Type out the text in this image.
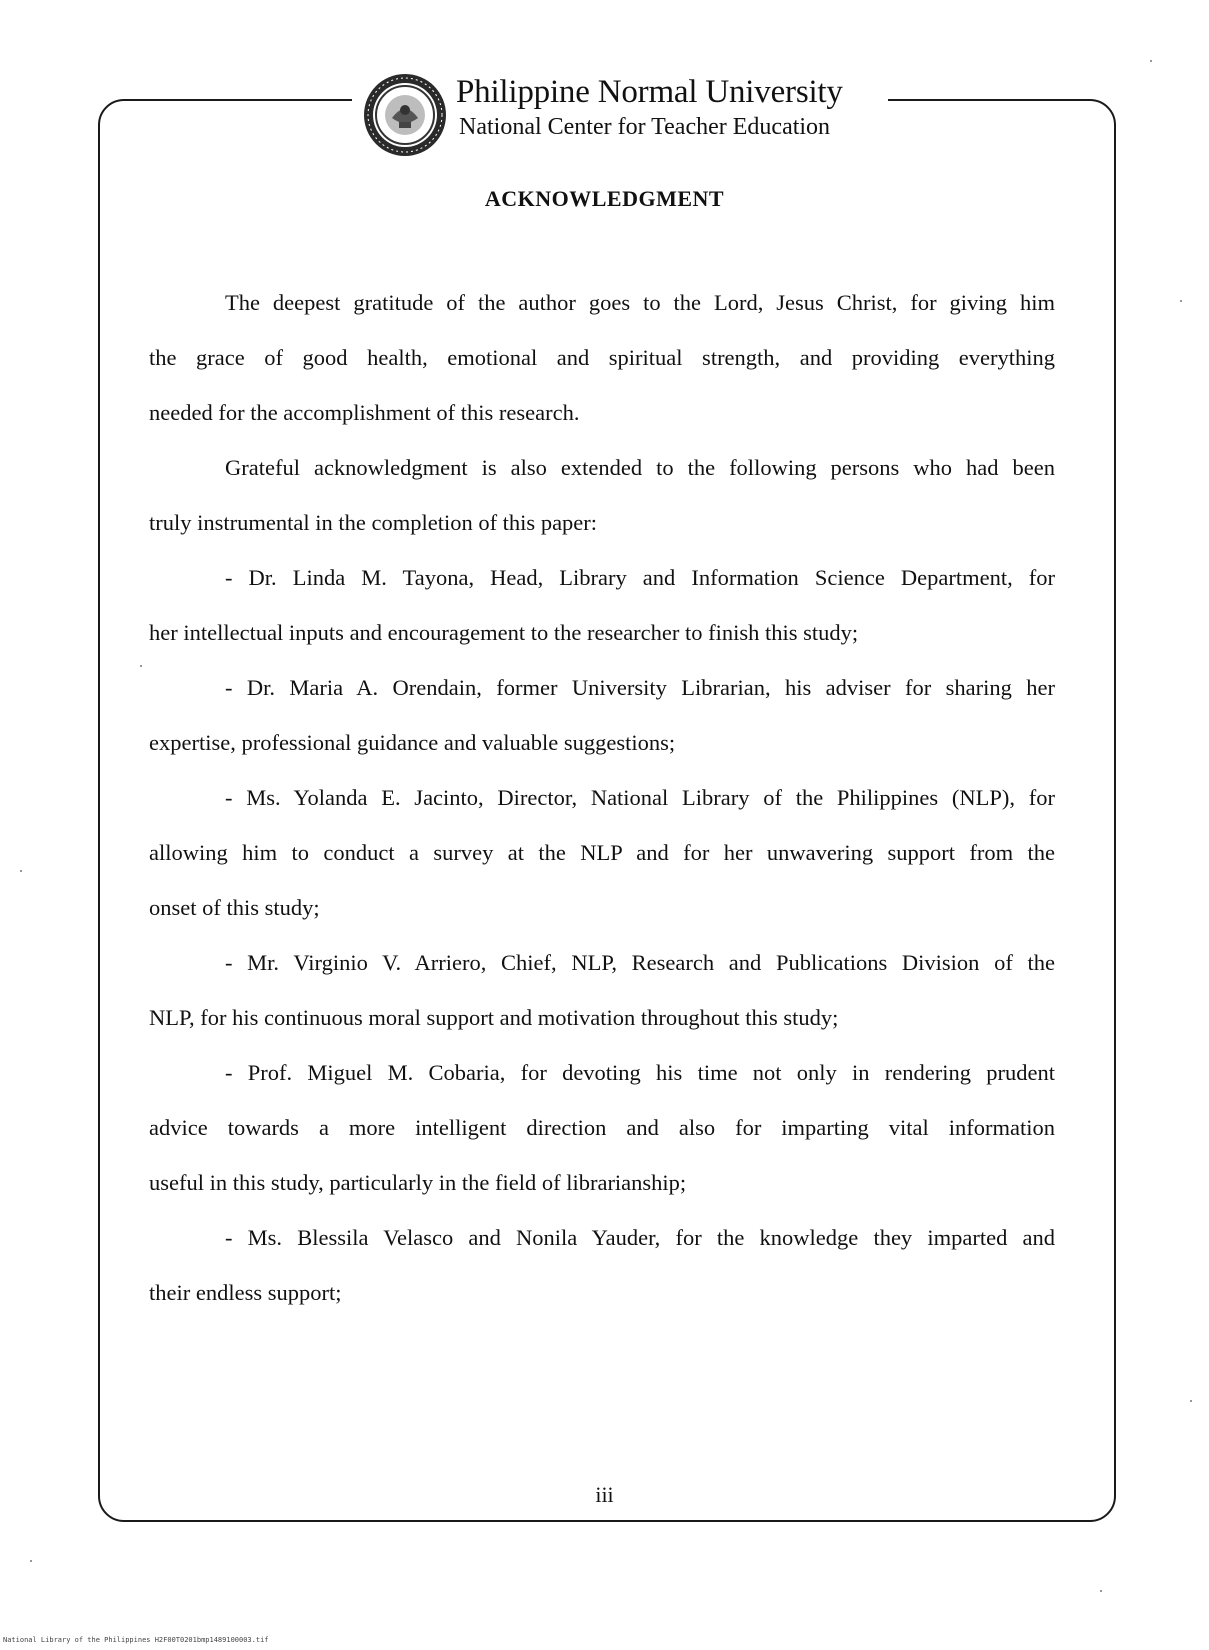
Philippine Normal University
National Center for Teacher Education
ACKNOWLEDGMENT
The deepest gratitude of the author goes to the Lord, Jesus Christ, for giving him
the grace of good health, emotional and spiritual strength, and providing everything
needed for the accomplishment of this research.
Grateful acknowledgment is also extended to the following persons who had been
truly instrumental in the completion of this paper:
- Dr. Linda M. Tayona, Head, Library and Information Science Department, for
her intellectual inputs and encouragement to the researcher to finish this study;
- Dr. Maria A. Orendain, former University Librarian, his adviser for sharing her
expertise, professional guidance and valuable suggestions;
- Ms. Yolanda E. Jacinto, Director, National Library of the Philippines (NLP), for
allowing him to conduct a survey at the NLP and for her unwavering support from the
onset of this study;
- Mr. Virginio V. Arriero, Chief, NLP, Research and Publications Division of the
NLP, for his continuous moral support and motivation throughout this study;
- Prof. Miguel M. Cobaria, for devoting his time not only in rendering prudent
advice towards a more intelligent direction and also for imparting vital information
useful in this study, particularly in the field of librarianship;
- Ms. Blessila Velasco and Nonila Yauder, for the knowledge they imparted and
their endless support;
iii
National Library of the Philippines H2F00T0201bmp1489100003.tif
